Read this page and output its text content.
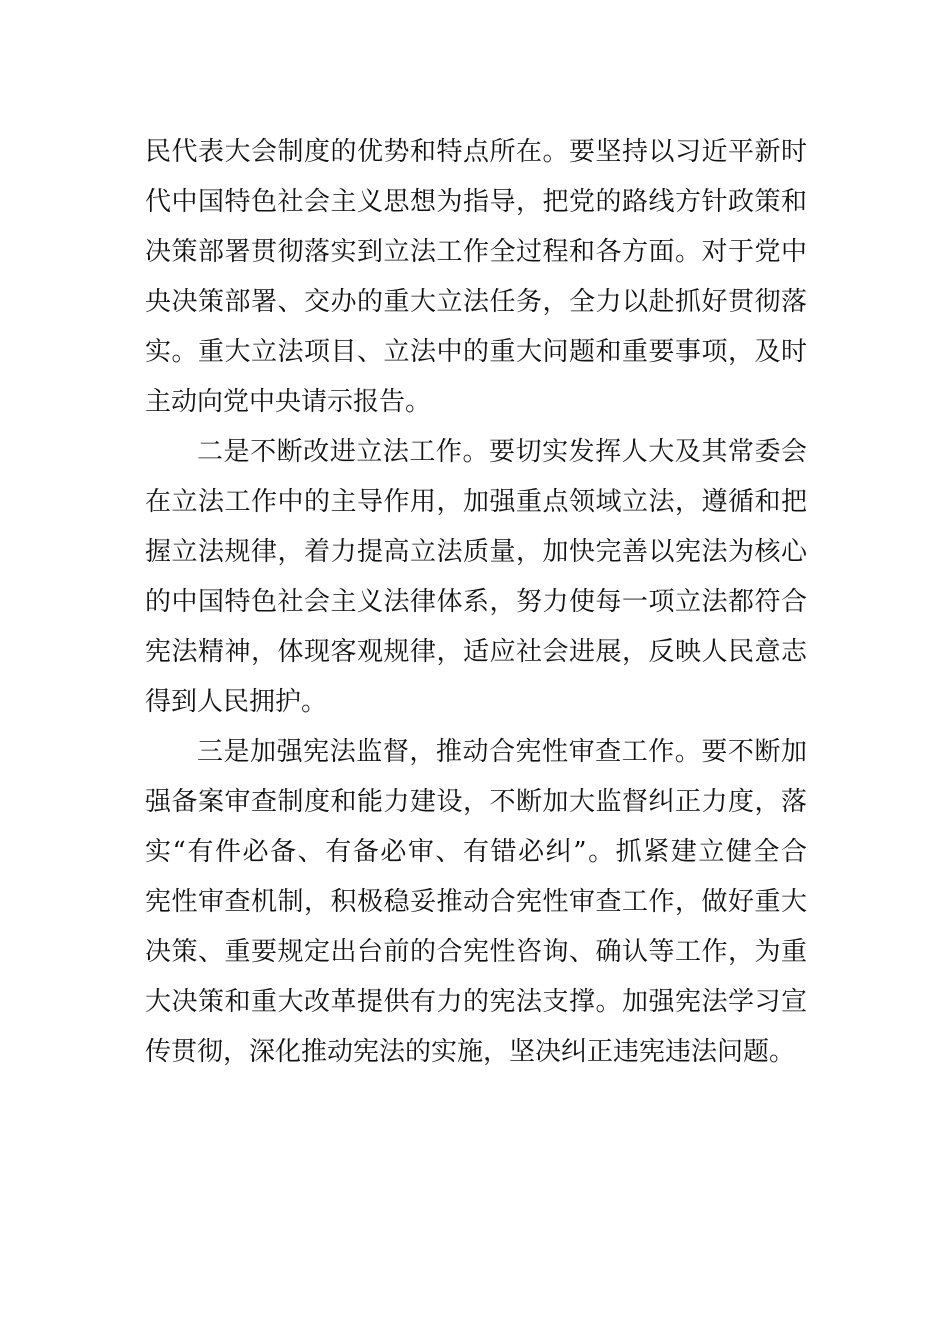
民代表大会制度的优势和特点所在。要坚持以习近平新时
代中国特色社会主义思想为指导，把党的路线方针政策和
决策部署贯彻落实到立法工作全过程和各方面。对于党中
央决策部署、交办的重大立法任务，全力以赴抓好贯彻落
实。重大立法项目、立法中的重大问题和重要事项，及时
主动向党中央请示报告。
二是不断改进立法工作。要切实发挥人大及其常委会
在立法工作中的主导作用，加强重点领域立法，遵循和把
握立法规律，着力提高立法质量，加快完善以宪法为核心
的中国特色社会主义法律体系，努力使每一项立法都符合
宪法精神，体现客观规律，适应社会进展，反映人民意志
得到人民拥护。
三是加强宪法监督，推动合宪性审查工作。要不断加
强备案审查制度和能力建设，不断加大监督纠正力度，落
实“有件必备、有备必审、有错必纠”。抓紧建立健全合
宪性审查机制，积极稳妥推动合宪性审查工作，做好重大
决策、重要规定出台前的合宪性咨询、确认等工作，为重
大决策和重大改革提供有力的宪法支撑。加强宪法学习宣
传贯彻，深化推动宪法的实施，坚决纠正违宪违法问题。
